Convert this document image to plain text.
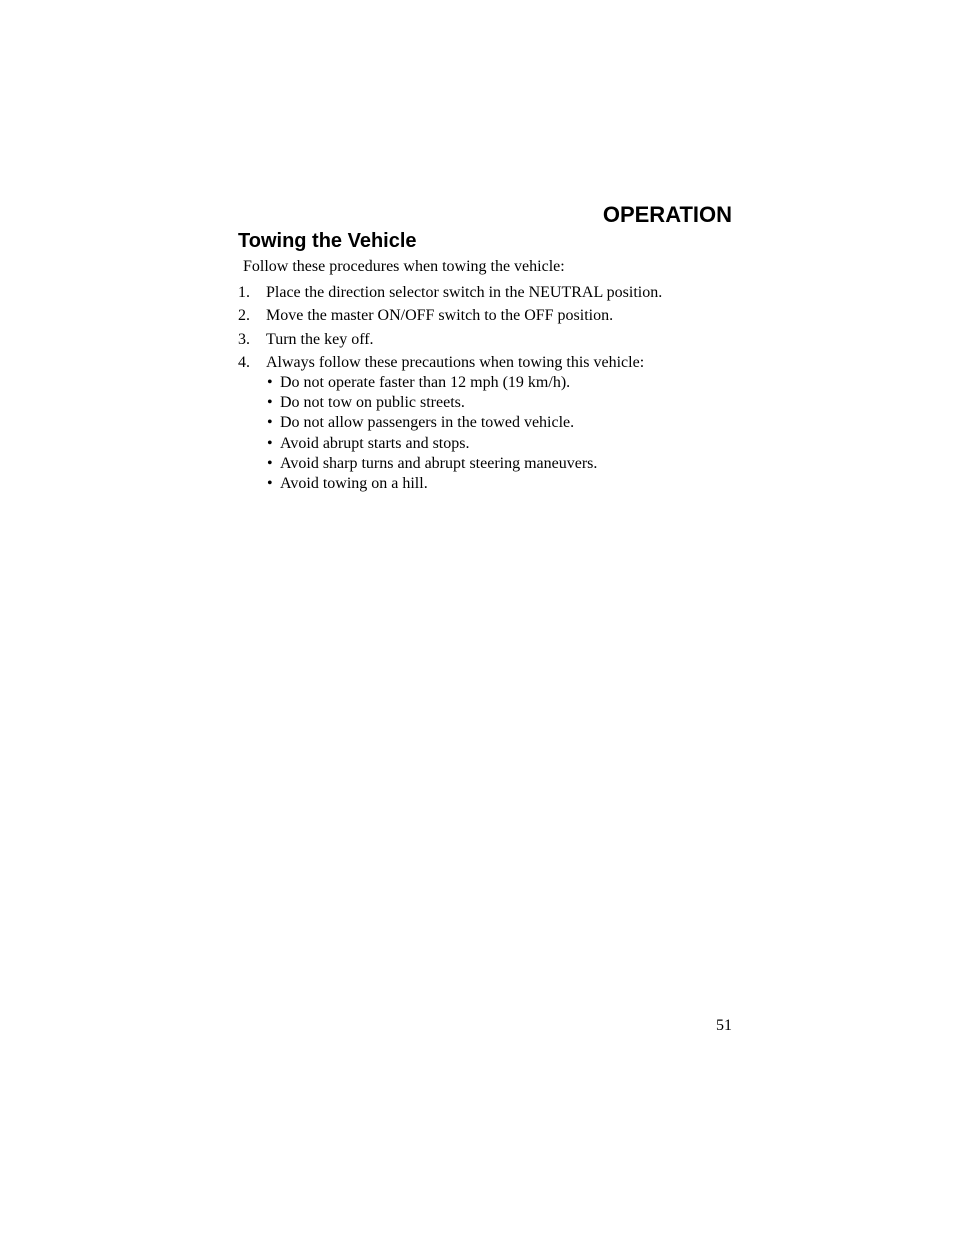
OPERATION
Towing the Vehicle

Follow these procedures when towing the vehicle:

1. Place the direction selector switch in the NEUTRAL position.
2. Move the master ON/OFF switch to the OFF position.
3. Turn the key off.
4. Always follow these precautions when towing this vehicle:
• Do not operate faster than 12 mph (19 km/h).
• Do not tow on public streets.
• Do not allow passengers in the towed vehicle.
• Avoid abrupt starts and stops.
• Avoid sharp turns and abrupt steering maneuvers.
• Avoid towing on a hill.
51
